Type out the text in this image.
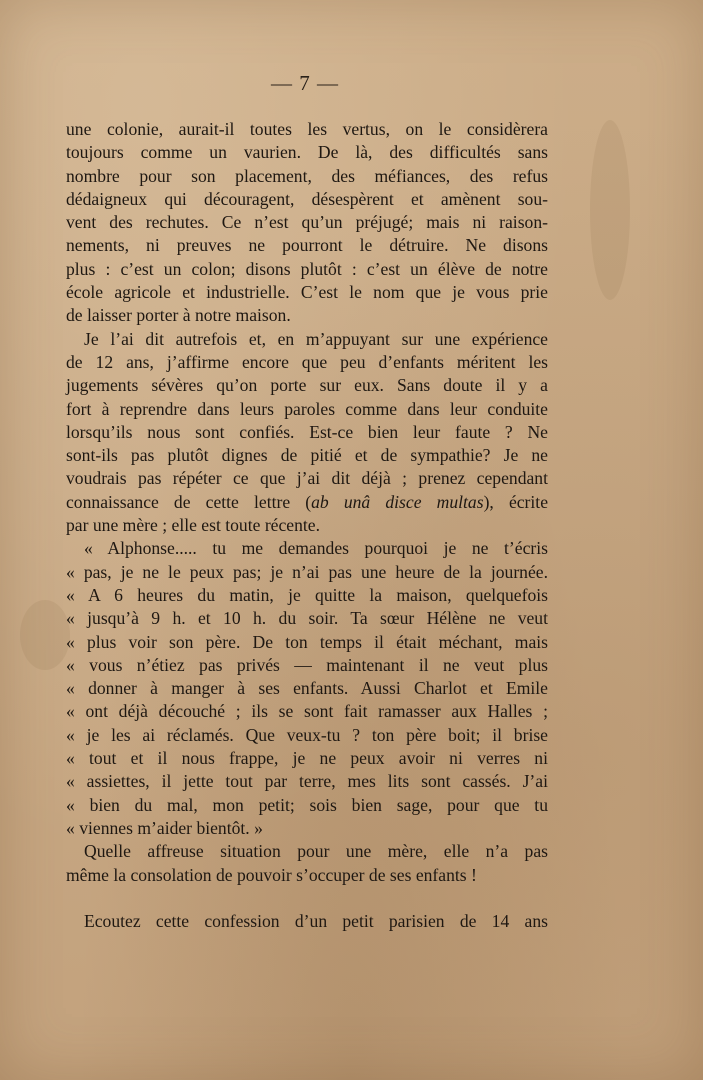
— 7 —
une colonie, aurait-il toutes les vertus, on le considèrera
toujours comme un vaurien. De là, des difficultés sans
nombre pour son placement, des méfiances, des refus
dédaigneux qui découragent, désespèrent et amènent sou-
vent des rechutes. Ce n’est qu’un préjugé; mais ni raison-
nements, ni preuves ne pourront le détruire. Ne disons
plus : c’est un colon; disons plutôt : c’est un élève de notre
école agricole et industrielle. C’est le nom que je vous prie
de laisser porter à notre maison.
Je l’ai dit autrefois et, en m’appuyant sur une expérience
de 12 ans, j’affirme encore que peu d’enfants méritent les
jugements sévères qu’on porte sur eux. Sans doute il y a
fort à reprendre dans leurs paroles comme dans leur conduite
lorsqu’ils nous sont confiés. Est-ce bien leur faute ? Ne
sont-ils pas plutôt dignes de pitié et de sympathie? Je ne
voudrais pas répéter ce que j’ai dit déjà ; prenez cependant
connaissance de cette lettre (ab unâ disce multas), écrite
par une mère ; elle est toute récente.
« Alphonse..... tu me demandes pourquoi je ne t’écris
« pas, je ne le peux pas; je n’ai pas une heure de la journée.
« A 6 heures du matin, je quitte la maison, quelquefois
« jusqu’à 9 h. et 10 h. du soir. Ta sœur Hélène ne veut
« plus voir son père. De ton temps il était méchant, mais
« vous n’étiez pas privés — maintenant il ne veut plus
« donner à manger à ses enfants. Aussi Charlot et Emile
« ont déjà découché ; ils se sont fait ramasser aux Halles ;
« je les ai réclamés. Que veux-tu ? ton père boit; il brise
« tout et il nous frappe, je ne peux avoir ni verres ni
« assiettes, il jette tout par terre, mes lits sont cassés. J’ai
« bien du mal, mon petit; sois bien sage, pour que tu
« viennes m’aider bientôt. »
Quelle affreuse situation pour une mère, elle n’a pas
même la consolation de pouvoir s’occuper de ses enfants !
Ecoutez cette confession d’un petit parisien de 14 ans
